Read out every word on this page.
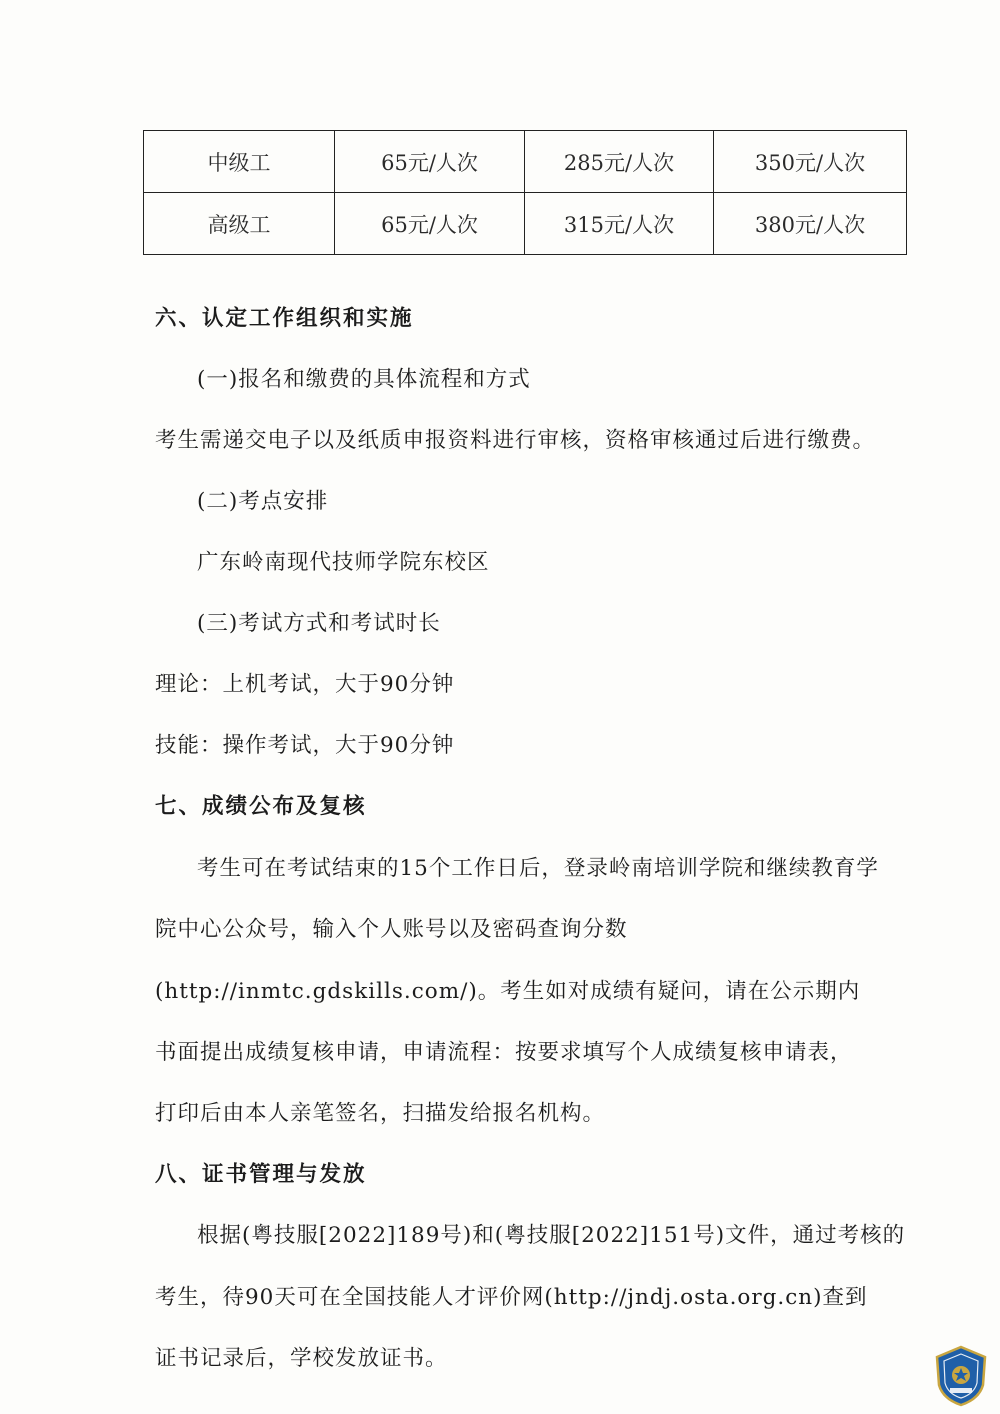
中级工	65元/人次	285元/人次	350元/人次
高级工	65元/人次	315元/人次	380元/人次
六、认定工作组织和实施
(一)报名和缴费的具体流程和方式
考生需递交电子以及纸质申报资料进行审核，资格审核通过后进行缴费。
(二)考点安排
广东岭南现代技师学院东校区
(三)考试方式和考试时长
理论：上机考试，大于90分钟
技能：操作考试，大于90分钟
七、成绩公布及复核
考生可在考试结束的15个工作日后，登录岭南培训学院和继续教育学
院中心公众号，输入个人账号以及密码查询分数
(http://inmtc.gdskills.com/)。考生如对成绩有疑问，请在公示期内
书面提出成绩复核申请，申请流程：按要求填写个人成绩复核申请表，
打印后由本人亲笔签名，扫描发给报名机构。
八、证书管理与发放
根据(粤技服[2022]189号)和(粤技服[2022]151号)文件，通过考核的
考生，待90天可在全国技能人才评价网(http://jndj.osta.org.cn)查到
证书记录后，学校发放证书。
